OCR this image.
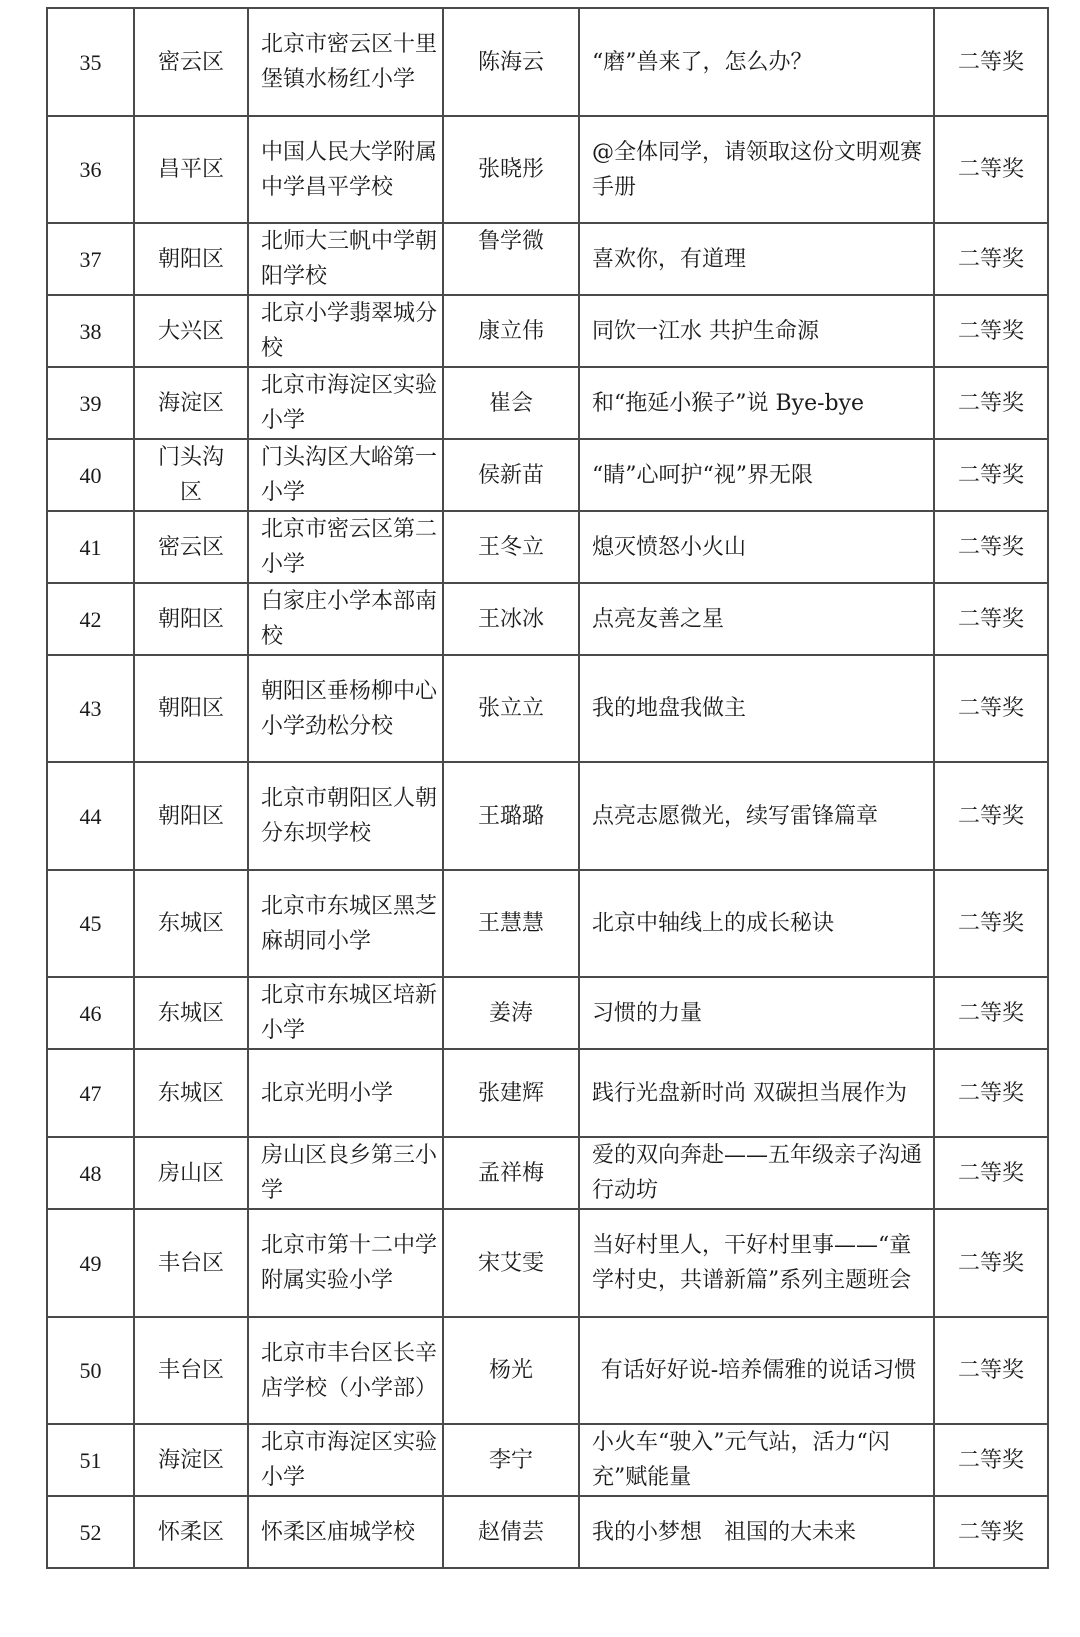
35	密云区	北京市密云区十里堡镇水杨红小学	陈海云	“磨”兽来了，怎么办？	二等奖
36	昌平区	中国人民大学附属中学昌平学校	张晓彤	@全体同学，请领取这份文明观赛手册	二等奖
37	朝阳区	北师大三帆中学朝阳学校	鲁学微	喜欢你，有道理	二等奖
38	大兴区	北京小学翡翠城分校	康立伟	同饮一江水 共护生命源	二等奖
39	海淀区	北京市海淀区实验小学	崔会	和“拖延小猴子”说 Bye-bye	二等奖
40	门头沟区	门头沟区大峪第一小学	侯新苗	“睛”心呵护“视”界无限	二等奖
41	密云区	北京市密云区第二小学	王冬立	熄灭愤怒小火山	二等奖
42	朝阳区	白家庄小学本部南校	王冰冰	点亮友善之星	二等奖
43	朝阳区	朝阳区垂杨柳中心小学劲松分校	张立立	我的地盘我做主	二等奖
44	朝阳区	北京市朝阳区人朝分东坝学校	王璐璐	点亮志愿微光，续写雷锋篇章	二等奖
45	东城区	北京市东城区黑芝麻胡同小学	王慧慧	北京中轴线上的成长秘诀	二等奖
46	东城区	北京市东城区培新小学	姜涛	习惯的力量	二等奖
47	东城区	北京光明小学	张建辉	践行光盘新时尚 双碳担当展作为	二等奖
48	房山区	房山区良乡第三小学	孟祥梅	爱的双向奔赴——五年级亲子沟通行动坊	二等奖
49	丰台区	北京市第十二中学附属实验小学	宋艾雯	当好村里人，干好村里事——“童学村史，共谱新篇”系列主题班会	二等奖
50	丰台区	北京市丰台区长辛店学校（小学部）	杨光	有话好好说-培养儒雅的说话习惯	二等奖
51	海淀区	北京市海淀区实验小学	李宁	小火车“驶入”元气站，活力“闪充”赋能量	二等奖
52	怀柔区	怀柔区庙城学校	赵倩芸	我的小梦想　祖国的大未来	二等奖
